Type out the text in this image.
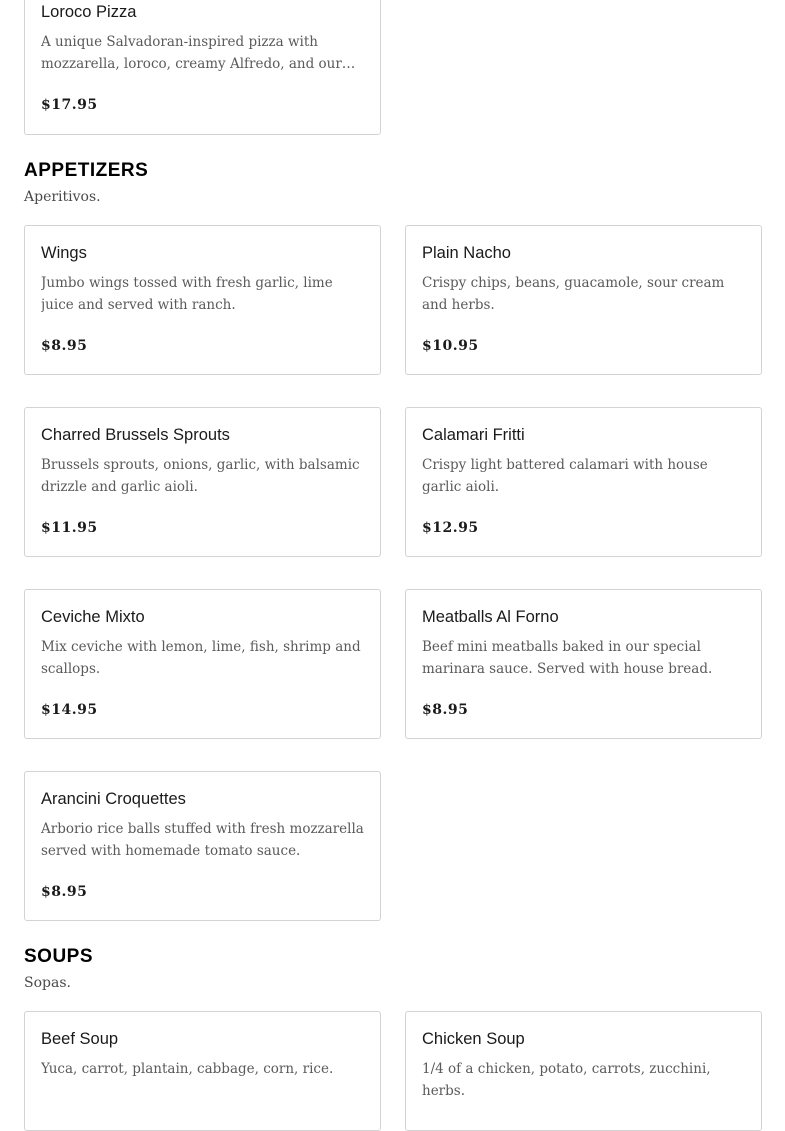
Loroco Pizza
A unique Salvadoran-inspired pizza with mozzarella, loroco, creamy Alfredo, and our…
$17.95
APPETIZERS
Aperitivos.
Wings
Jumbo wings tossed with fresh garlic, lime juice and served with ranch.
$8.95
Plain Nacho
Crispy chips, beans, guacamole, sour cream and herbs.
$10.95
Charred Brussels Sprouts
Brussels sprouts, onions, garlic, with balsamic drizzle and garlic aioli.
$11.95
Calamari Fritti
Crispy light battered calamari with house garlic aioli.
$12.95
Ceviche Mixto
Mix ceviche with lemon, lime, fish, shrimp and scallops.
$14.95
Meatballs Al Forno
Beef mini meatballs baked in our special marinara sauce. Served with house bread.
$8.95
Arancini Croquettes
Arborio rice balls stuffed with fresh mozzarella served with homemade tomato sauce.
$8.95
SOUPS
Sopas.
Beef Soup
Yuca, carrot, plantain, cabbage, corn, rice.
Chicken Soup
1/4 of a chicken, potato, carrots, zucchini, herbs.
